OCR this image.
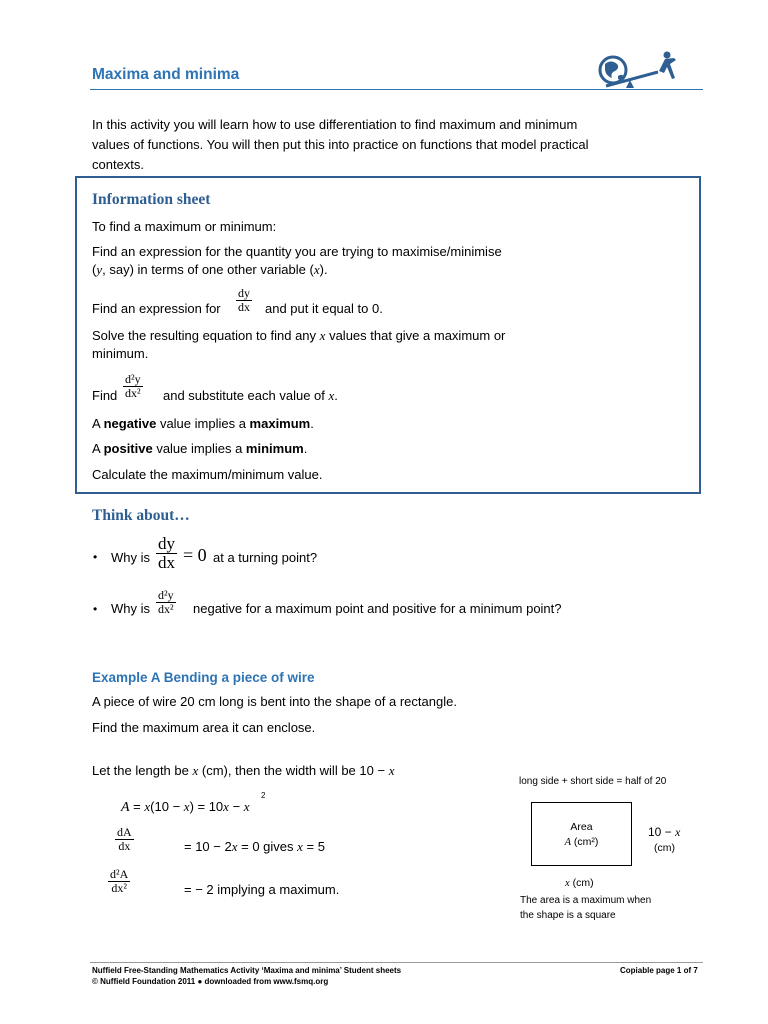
Maxima and minima
In this activity you will learn how to use differentiation to find maximum and minimum values of functions. You will then put this into practice on functions that model practical contexts.
Information sheet
To find a maximum or minimum:
Find an expression for the quantity you are trying to maximise/minimise
(y, say) in terms of one other variable (x).
Find an expression for $\frac{dy}{dx}$ and put it equal to 0.
Solve the resulting equation to find any x values that give a maximum or
minimum.
Find $\frac{\text{d²y}}{\text{dx²}}$ and substitute each value of x.
A negative value implies a maximum.
A positive value implies a minimum.
Calculate the maximum/minimum value.
Think about…
• Why is $\frac{dy}{dx} = 0$ at a turning point?
• Why is $\frac{\text{d²y}}{\text{dx²}}$ negative for a maximum point and positive for a minimum point?
Example A Bending a piece of wire
A piece of wire 20 cm long is bent into the shape of a rectangle.
Find the maximum area it can enclose.
Let the length be x (cm), then the width will be 10 − x
A = x(10 − x) = 10x − x
2
$\frac{dA}{dx}$	= 10 − 2x = 0 gives x = 5
$\frac{\text{d²A}}{\text{dx²}}$	= − 2 implying a maximum.
long side + short side = half of 20
Area
A (cm²)
10 − x
(cm)
x (cm)
The area is a maximum when
the shape is a square
Nuffield Free-Standing Mathematics Activity ‘Maxima and minima’ Student sheets
© Nuffield Foundation 2011 ● downloaded from www.fsmq.org
Copiable page 1 of 7
